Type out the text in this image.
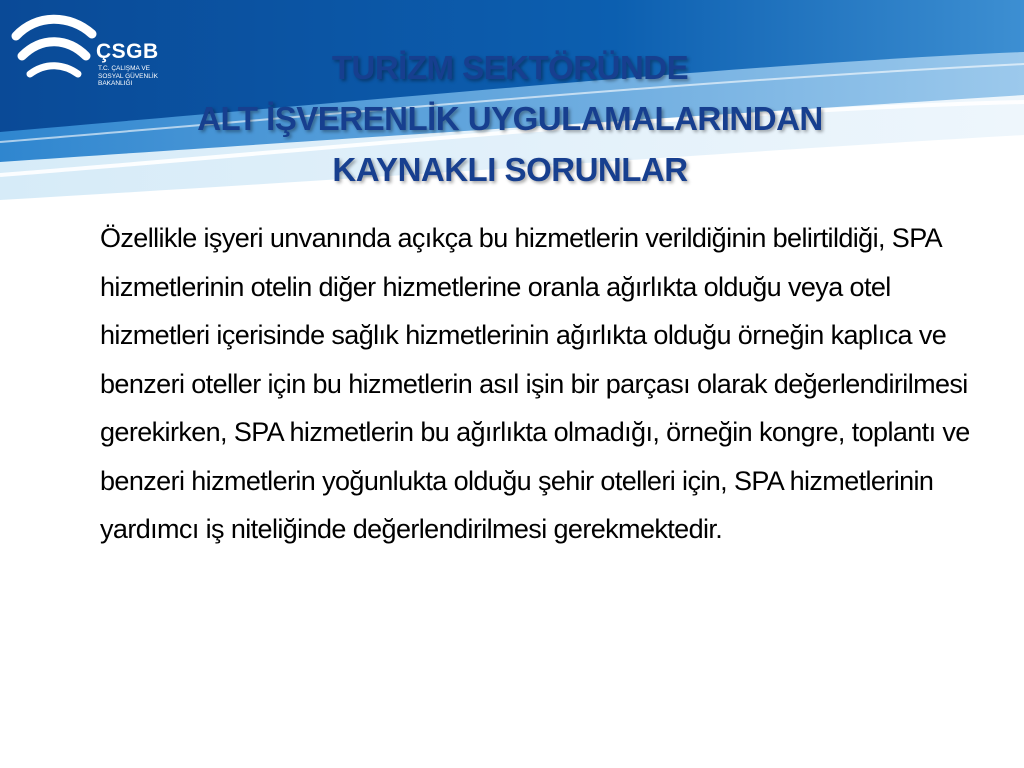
ÇSGB
T.C. ÇALIŞMA VE SOSYAL GÜVENLİK BAKANLIĞI	TURİZM SEKTÖRÜNDE
ALT İŞVERENLİK UYGULAMALARINDAN
KAYNAKLI SORUNLAR

Özellikle işyeri unvanında açıkça bu hizmetlerin verildiğinin belirtildiği, SPA hizmetlerinin otelin diğer hizmetlerine oranla ağırlıkta olduğu veya otel hizmetleri içerisinde sağlık hizmetlerinin ağırlıkta olduğu örneğin kaplıca ve benzeri oteller için bu hizmetlerin asıl işin bir parçası olarak değerlendirilmesi gerekirken, SPA hizmetlerin bu ağırlıkta olmadığı, örneğin kongre, toplantı ve benzeri hizmetlerin yoğunlukta olduğu şehir otelleri için, SPA hizmetlerinin yardımcı iş niteliğinde değerlendirilmesi gerekmektedir.
